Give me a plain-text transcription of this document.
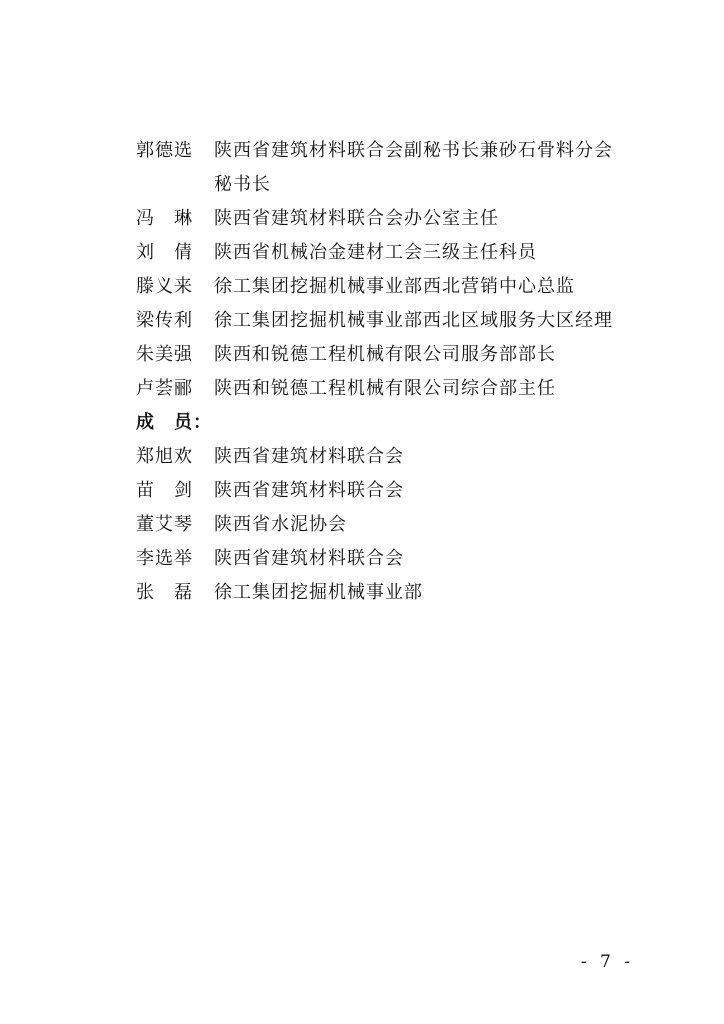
郭德选	陕西省建筑材料联合会副秘书长兼砂石骨料分会
秘书长
冯　琳	陕西省建筑材料联合会办公室主任
刘　倩	陕西省机械冶金建材工会三级主任科员
滕义来	徐工集团挖掘机械事业部西北营销中心总监
梁传利	徐工集团挖掘机械事业部西北区域服务大区经理
朱美强	陕西和锐德工程机械有限公司服务部部长
卢荟郦	陕西和锐德工程机械有限公司综合部主任
成　员：
郑旭欢	陕西省建筑材料联合会
苗　剑	陕西省建筑材料联合会
董艾琴	陕西省水泥协会
李选举	陕西省建筑材料联合会
张　磊	徐工集团挖掘机械事业部
- 7 -
